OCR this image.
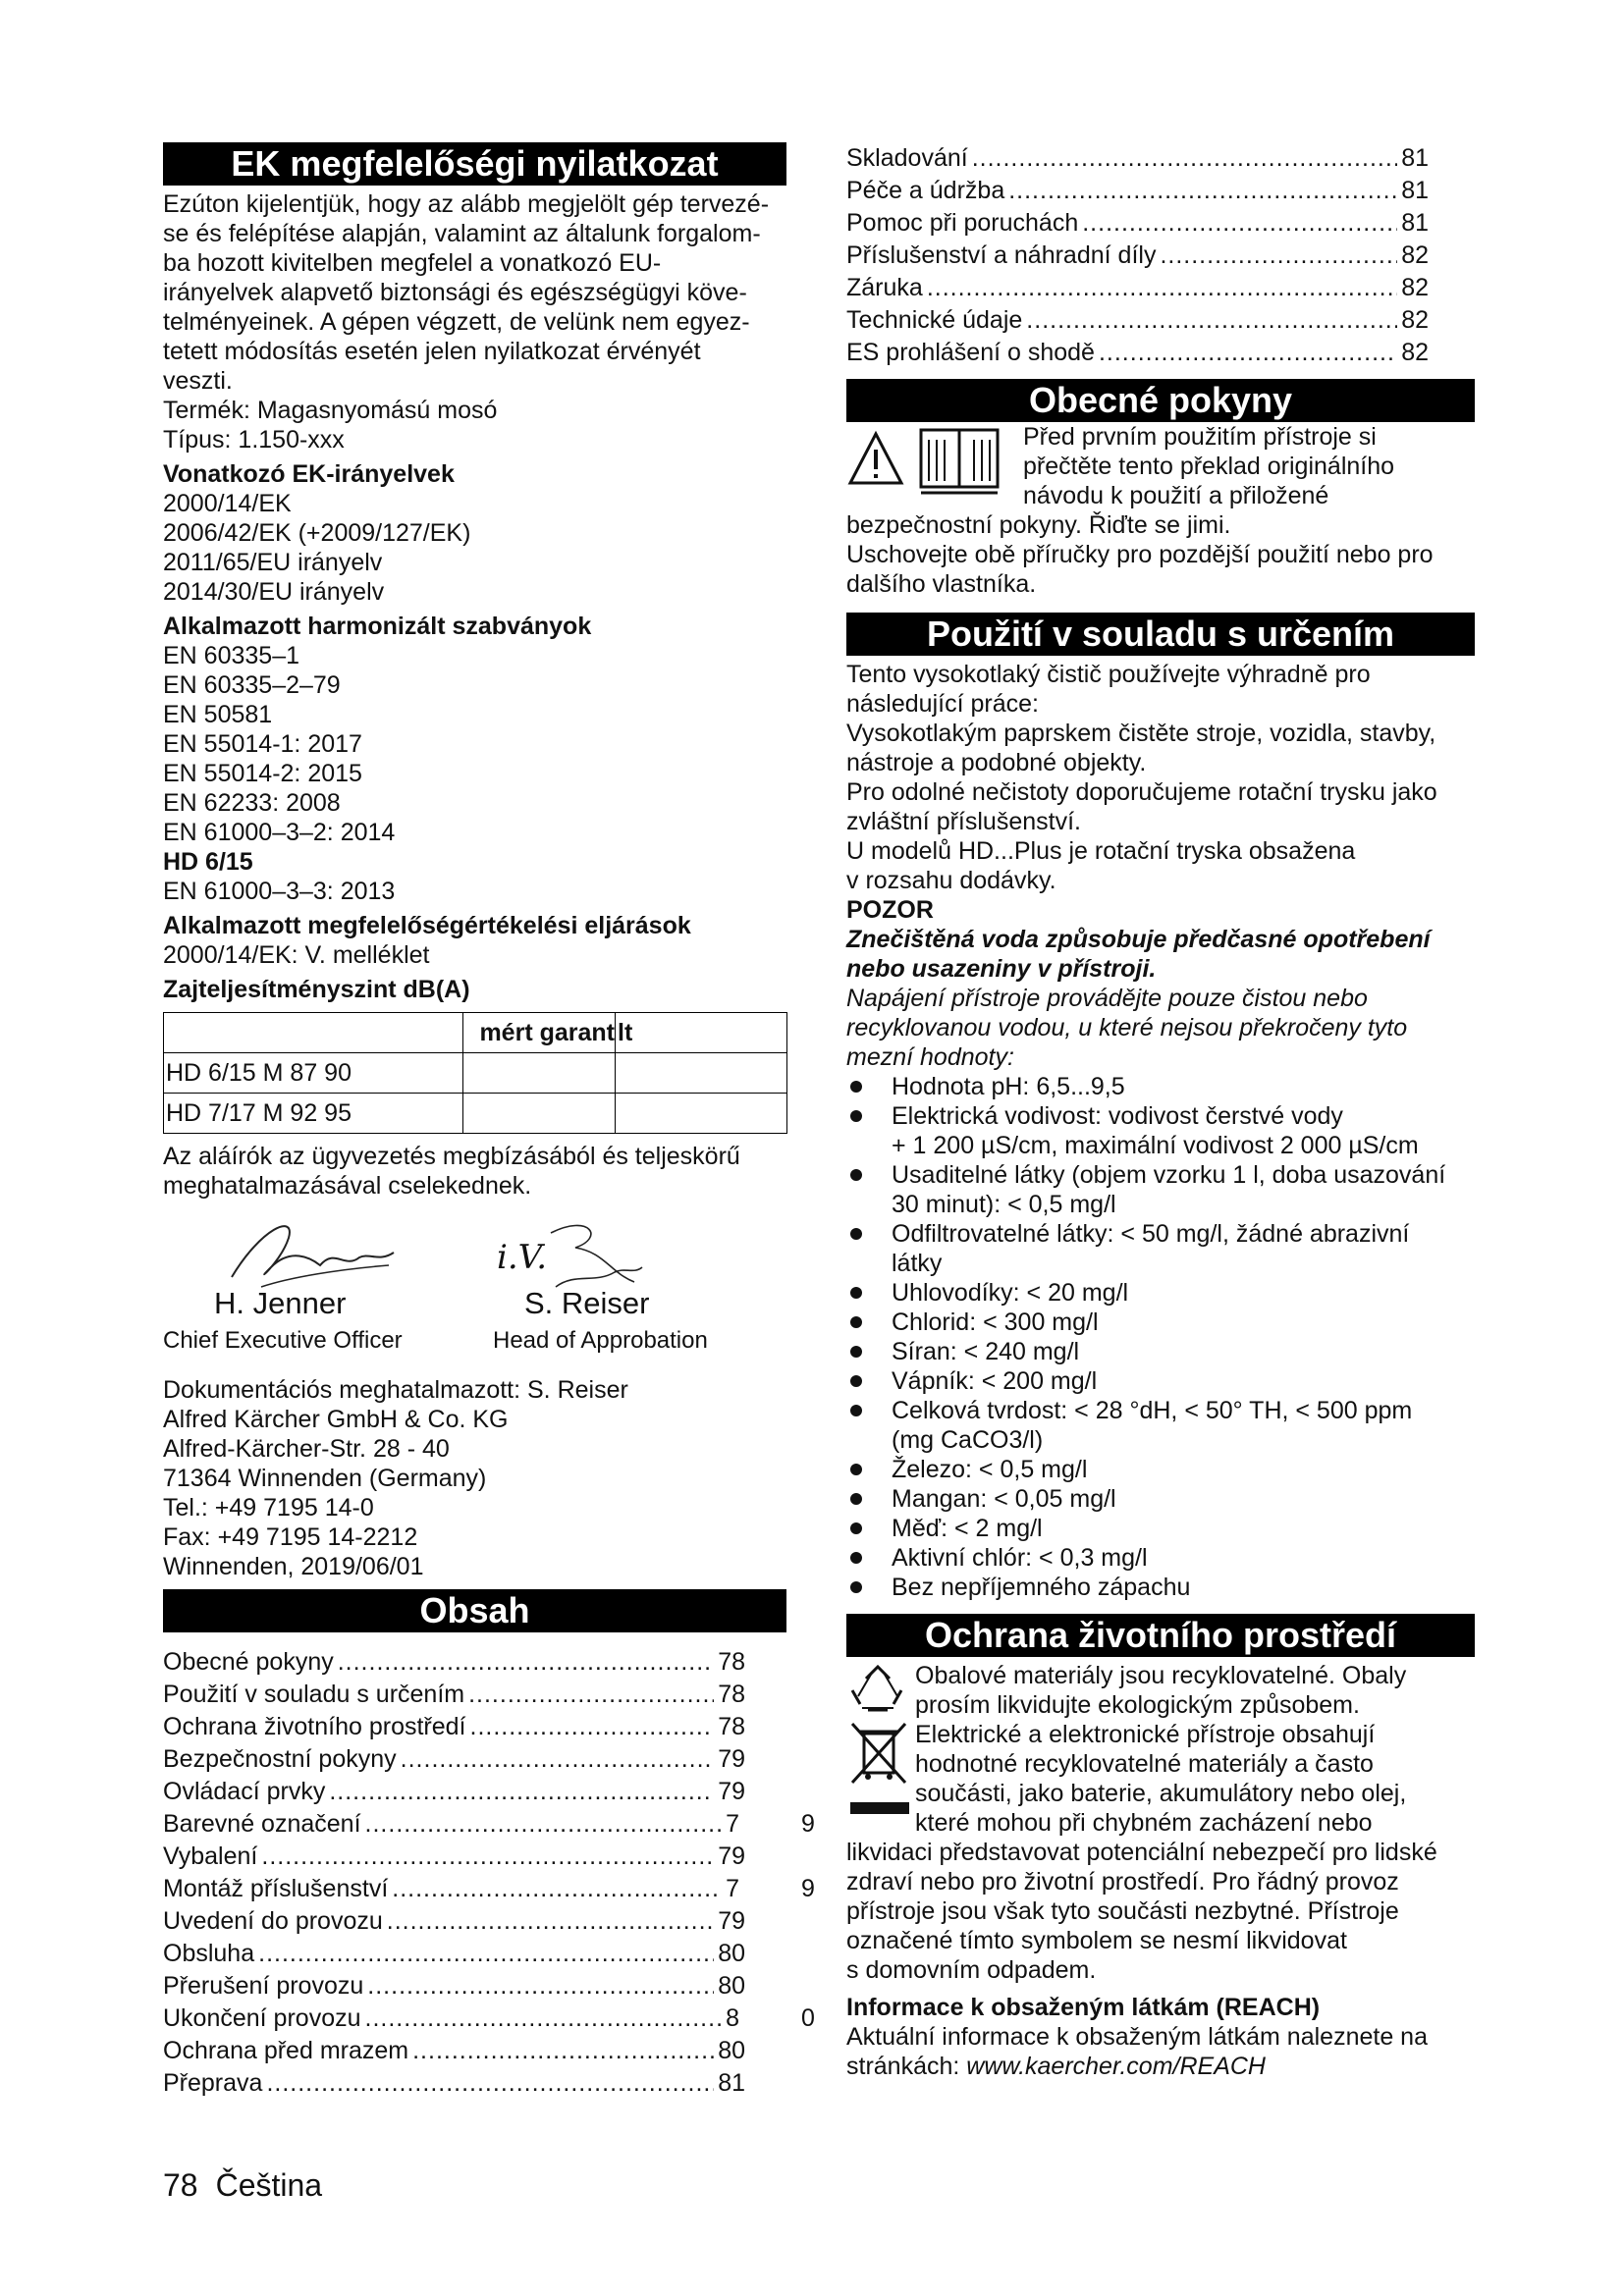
EK megfelelőségi nyilatkozat

Ezúton kijelentjük, hogy az alább megjelölt gép tervezé-

se és felépítése alapján, valamint az általunk forgalom-

ba hozott kivitelben megfelel a vonatkozó EU-

irányelvek alapvető biztonsági és egészségügyi köve-

telményeinek. A gépen végzett, de velünk nem egyez-

tetett módosítás esetén jelen nyilatkozat érvényét

veszti.

Termék: Magasnyomású mosó

Típus: 1.150-xxx

Vonatkozó EK-irányelvek

2000/14/EK

2006/42/EK (+2009/127/EK)

2011/65/EU irányelv

2014/30/EU irányelv

Alkalmazott harmonizált szabványok

EN 60335–1

EN 60335–2–79

EN 50581

EN 55014-1: 2017

EN 55014-2: 2015

EN 62233: 2008

EN 61000–3–2: 2014

HD 6/15

EN 61000–3–3: 2013

Alkalmazott megfelelőségértékelési eljárások

2000/14/EK: V. melléklet

Zajteljesítményszint dB(A)

	mért garant	lt
HD 6/15 M 87 90		
HD 7/17 M 92 95		

Az aláírók az ügyvezetés megbízásából és teljeskörű

meghatalmazásával cselekednek.

H. Jenner
Chief Executive Officer
i.V.
S. Reiser
Head of Approbation

Dokumentációs meghatalmazott: S. Reiser

Alfred Kärcher GmbH & Co. KG

Alfred-Kärcher-Str. 28 - 40

71364 Winnenden (Germany)

Tel.: +49 7195 14-0

Fax: +49 7195 14-2212

Winnenden, 2019/06/01

Obsah
Obecné pokyny .....	78
Použití v souladu s určením .....	78
Ochrana životního prostředí .....	78
Bezpečnostní pokyny .....	79
Ovládací prvky .....	79
Barevné označení .....	7	9
Vybalení .....	79
Montáž příslušenství .....	7	9
Uvedení do provozu .....	79
Obsluha .....	80
Přerušení provozu .....	80
Ukončení provozu .....	8	0
Ochrana před mrazem .....	80
Přeprava .....	81
Skladování .....	81
Péče a údržba .....	81
Pomoc při poruchách .....	81
Příslušenství a náhradní díly .....	82
Záruka .....	82
Technické údaje .....	82
ES prohlášení o shodě .....	82
Obecné pokyny

Před prvním použitím přístroje si

přečtěte tento překlad originálního

návodu k použití a přiložené

bezpečnostní pokyny. Řiďte se jimi.

Uschovejte obě příručky pro pozdější použití nebo pro

dalšího vlastníka.

Použití v souladu s určením

Tento vysokotlaký čistič používejte výhradně pro

následující práce:

Vysokotlakým paprskem čistěte stroje, vozidla, stavby,

nástroje a podobné objekty.

Pro odolné nečistoty doporučujeme rotační trysku jako

zvláštní příslušenství.

U modelů HD...Plus je rotační tryska obsažena

v rozsahu dodávky.

POZOR

Znečištěná voda způsobuje předčasné opotřebení

nebo usazeniny v přístroji.

Napájení přístroje provádějte pouze čistou nebo

recyklovanou vodou, u které nejsou překročeny tyto

mezní hodnoty:

Hodnota pH: 6,5...9,5
Elektrická vodivost: vodivost čerstvé vody
+ 1 200 µS/cm, maximální vodivost 2 000 µS/cm
Usaditelné látky (objem vzorku 1 l, doba usazování
30 minut): < 0,5 mg/l
Odfiltrovatelné látky: < 50 mg/l, žádné abrazivní
látky
Uhlovodíky: < 20 mg/l
Chlorid: < 300 mg/l
Síran: < 240 mg/l
Vápník: < 200 mg/l
Celková tvrdost: < 28 °dH, < 50° TH, < 500 ppm
(mg CaCO3/l)
Železo: < 0,5 mg/l
Mangan: < 0,05 mg/l
Měď: < 2 mg/l
Aktivní chlór: < 0,3 mg/l
Bez nepříjemného zápachu
Ochrana životního prostředí

Obalové materiály jsou recyklovatelné. Obaly

prosím likvidujte ekologickým způsobem.

Elektrické a elektronické přístroje obsahují

hodnotné recyklovatelné materiály a často

součásti, jako baterie, akumulátory nebo olej,

které mohou při chybném zacházení nebo

likvidaci představovat potenciální nebezpečí pro lidské

zdraví nebo pro životní prostředí. Pro řádný provoz

přístroje jsou však tyto součásti nezbytné. Přístroje

označené tímto symbolem se nesmí likvidovat

s domovním odpadem.

Informace k obsaženým látkám (REACH)

Aktuální informace k obsaženým látkám naleznete na

stránkách: www.kaercher.com/REACH

78 Čeština
